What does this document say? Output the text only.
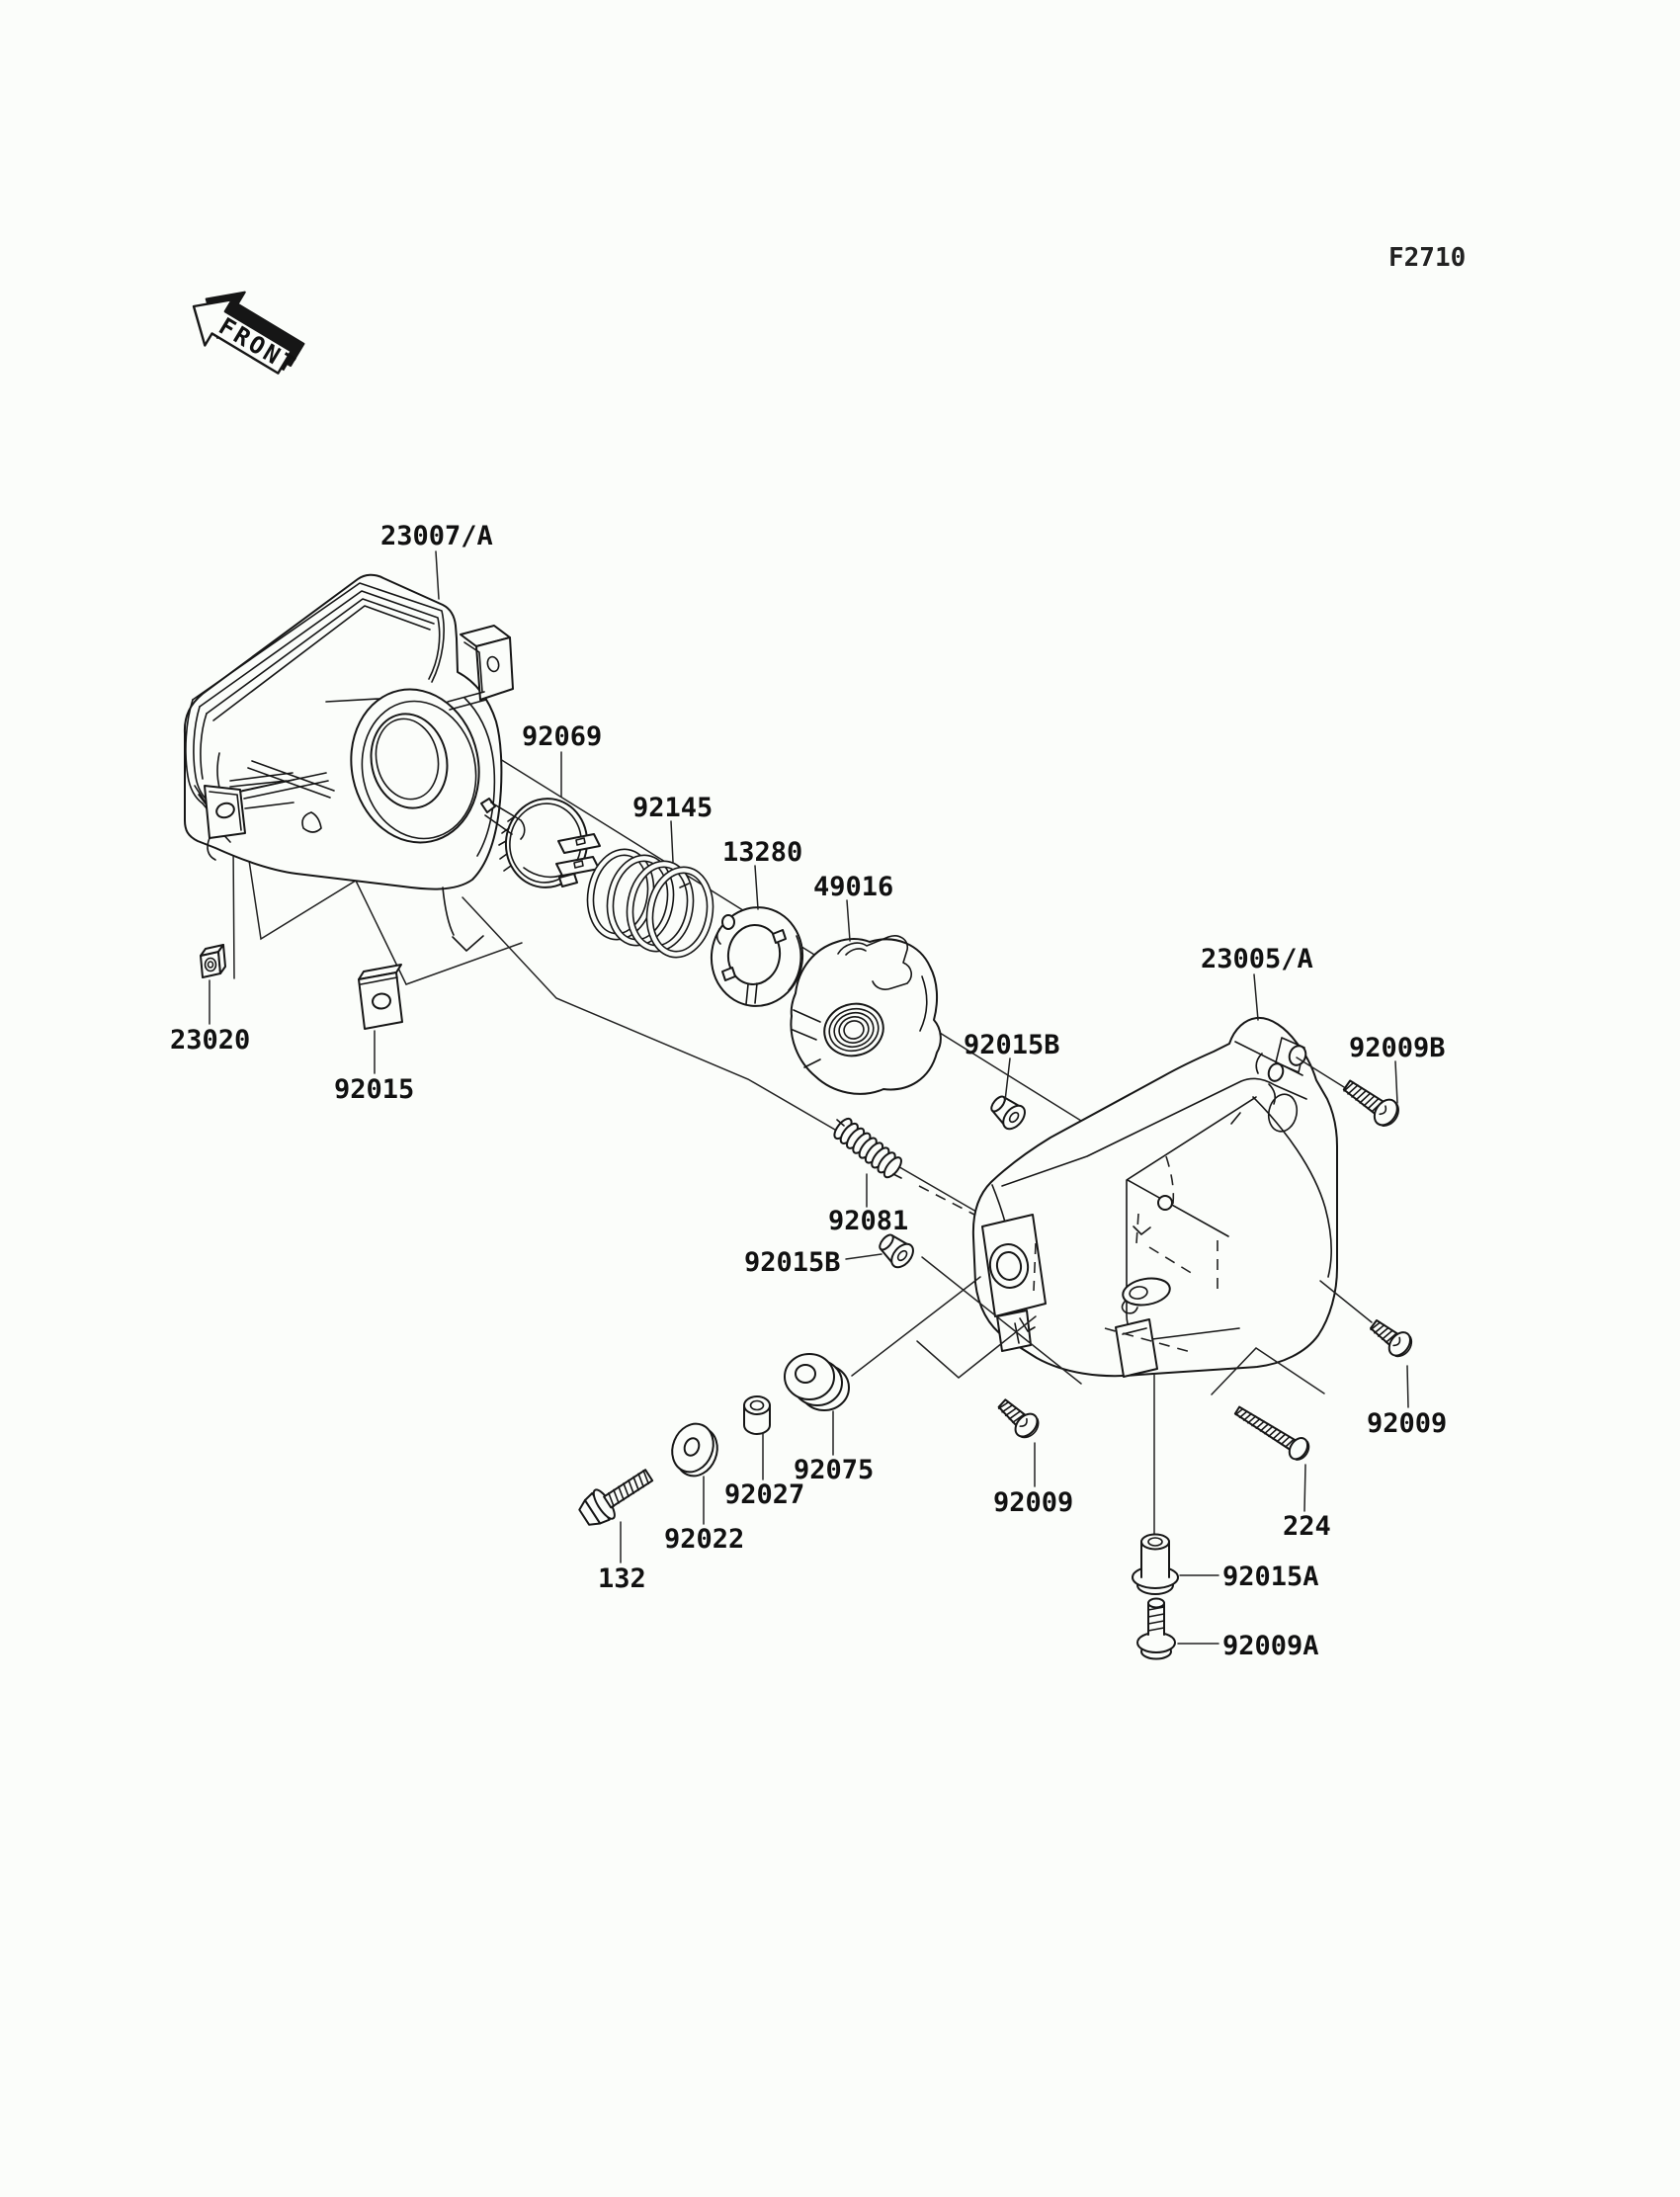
23007/A
92069
92145
13280
49016
23020
92015
23005/A
92015B	92009B
92081
92015B
92075
92027
92022
132
92009
224
92015A
92009A
92009
FRONT
F2710
